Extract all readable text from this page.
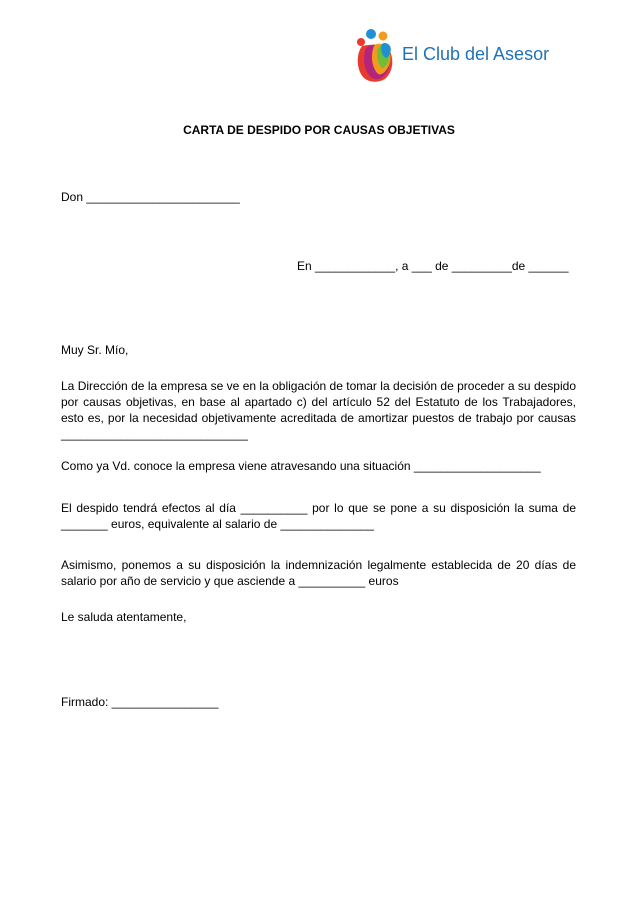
El Club del Asesor
CARTA DE DESPIDO POR CAUSAS OBJETIVAS
Don _______________________
En ____________, a ___ de _________de ______
Muy Sr. Mío,
La Dirección de la empresa se ve en la obligación de tomar la decisión de proceder a su despido por causas objetivas, en base al apartado c) del artículo 52 del Estatuto de los Trabajadores, esto es, por la necesidad objetivamente acreditada de amortizar puestos de trabajo por causas ____________________________
Como ya Vd. conoce la empresa viene atravesando una situación ___________________
El despido tendrá efectos al día __________ por lo que se pone a su disposición la suma de _______ euros, equivalente al salario de ______________
Asimismo, ponemos a su disposición la indemnización legalmente establecida de 20 días de salario por año de servicio y que asciende a __________ euros
Le saluda atentamente,
Firmado: ________________
